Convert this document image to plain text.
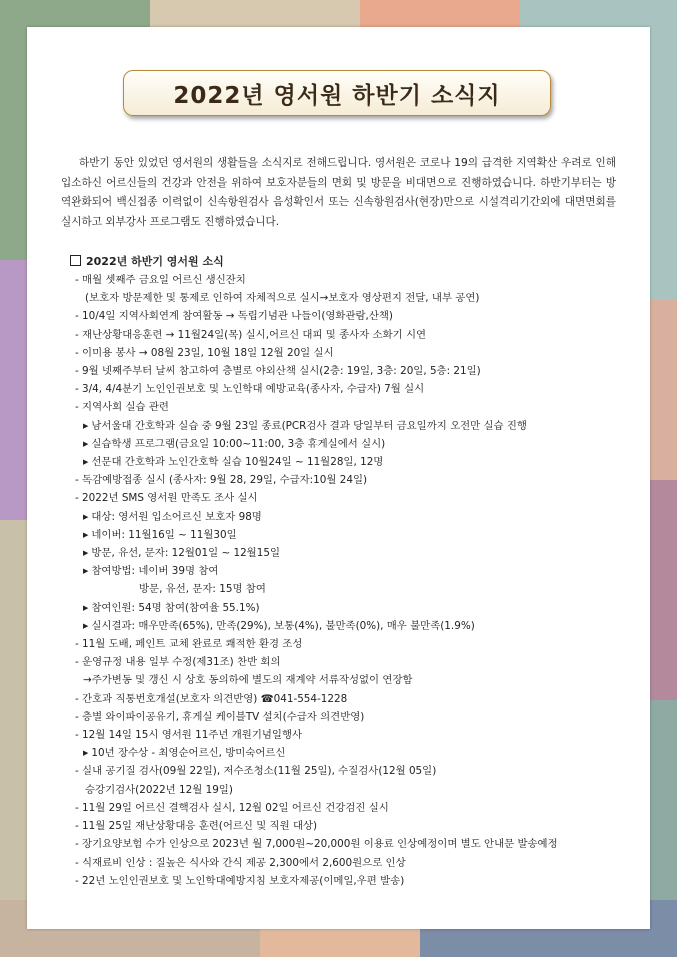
2022년 영서원 하반기 소식지

하반기 동안 있었던 영서원의 생활들을 소식지로 전해드립니다. 영서원은 코로나 19의 급격한 지역확산 우려로 인해 입소하신 어르신들의 건강과 안전을 위하여 보호자분들의 면회 및 방문을 비대면으로 진행하였습니다. 하반기부터는 방역완화되어 백신접종 이력없이 신속항원검사 음성확인서 또는 신속항원검사(현장)만으로 시설격리기간외에 대면면회를 실시하고 외부강사 프로그램도 진행하였습니다.

2022년 하반기 영서원 소식
- 매월 셋째주 금요일 어르신 생신잔치
(보호자 방문제한 및 통제로 인하여 자체적으로 실시→보호자 영상편지 전달, 내부 공연)
- 10/4일 지역사회연계 참여활동 → 독립기념관 나들이(영화관람,산책)
- 재난상황대응훈련 → 11월24일(목) 실시,어르신 대피 및 종사자 소화기 시연
- 이미용 봉사 → 08월 23일, 10월 18일 12월 20일 실시
- 9월 넷째주부터 날씨 참고하여 층별로 야외산책 실시(2층: 19일, 3층: 20일, 5층: 21일)
- 3/4, 4/4분기 노인인권보호 및 노인학대 예방교육(종사자, 수급자) 7월 실시
- 지역사회 실습 관련
▶ 남서울대 간호학과 실습 중 9월 23일 종료(PCR검사 결과 당일부터 금요일까지 오전만 실습 진행
▶ 실습학생 프로그램(금요일 10:00~11:00, 3층 휴게실에서 실시)
▶ 선문대 간호학과 노인간호학 실습 10월24일 ~ 11월28일, 12명
- 독감예방접종 실시 (종사자: 9월 28, 29일, 수급자:10월 24일)
- 2022년 SMS 영서원 만족도 조사 실시
▶ 대상: 영서원 입소어르신 보호자 98명
▶ 네이버: 11월16일 ~ 11월30일
▶ 방문, 유선, 문자: 12월01일 ~ 12월15일
▶ 참여방법: 네이버 39명 참여
방문, 유선, 문자: 15명 참여
▶ 참여인원: 54명 참여(참여율 55.1%)
▶ 실시결과: 매우만족(65%), 만족(29%), 보통(4%), 불만족(0%), 매우 불만족(1.9%)
- 11월 도배, 페인트 교체 완료로 쾌적한 환경 조성
- 운영규정 내용 일부 수정(제31조) 찬반 회의
→주가변동 및 갱신 시 상호 동의하에 별도의 재계약 서류작성없이 연장함
- 간호과 직통번호개설(보호자 의견반영) ☎041-554-1228
- 층별 와이파이공유기, 휴게실 케이블TV 설치(수급자 의견반영)
- 12월 14일 15시 영서원 11주년 개원기념일행사
▶ 10년 장수상 - 최영순어르신, 방미숙어르신
- 실내 공기질 검사(09월 22일), 저수조청소(11월 25일), 수질검사(12월 05일)
승강기검사(2022년 12월 19일)
- 11월 29일 어르신 결핵검사 실시, 12월 02일 어르신 건강검진 실시
- 11월 25일 재난상황대응 훈련(어르신 및 직원 대상)
- 장기요양보험 수가 인상으로 2023년 월 7,000원~20,000원 이용료 인상예정이며 별도 안내문 발송예정
- 식재료비 인상 : 질높은 식사와 간식 제공 2,300에서 2,600원으로 인상
- 22년 노인인권보호 및 노인학대예방지침 보호자제공(이메일,우편 발송)
